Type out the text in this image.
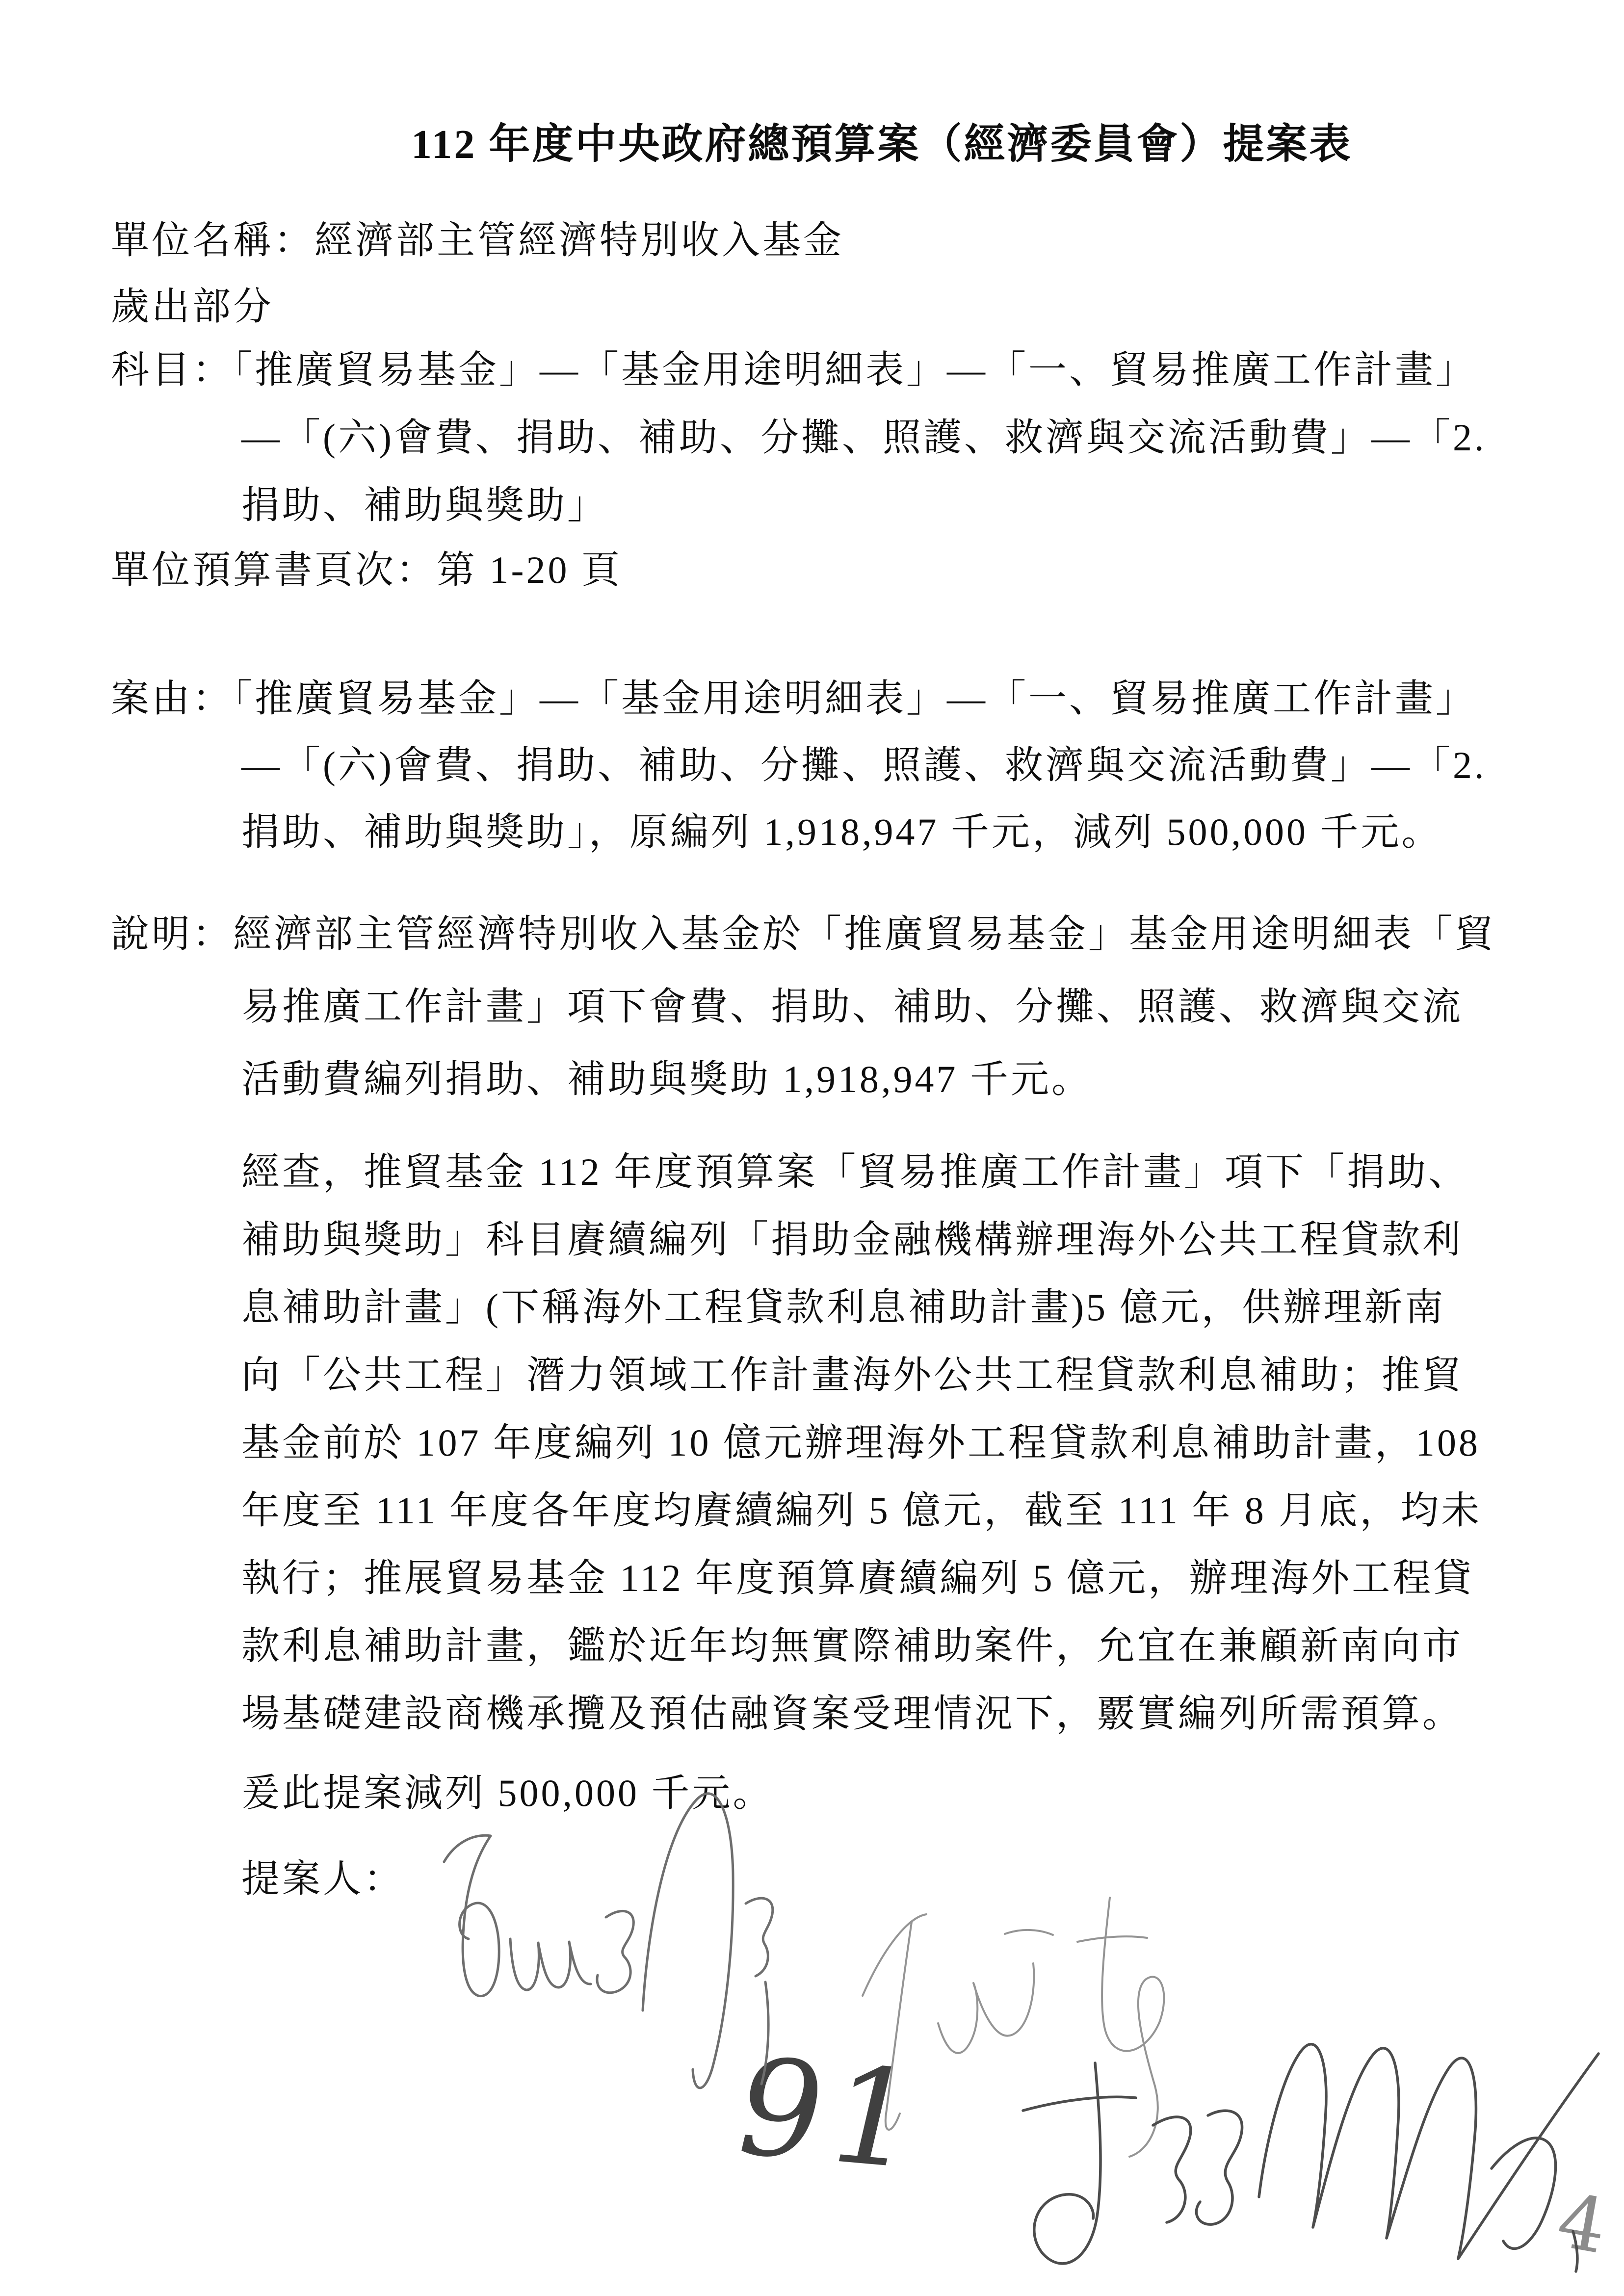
112 年度中央政府總預算案（經濟委員會）提案表
單位名稱：經濟部主管經濟特別收入基金
歲出部分
科目：「推廣貿易基金」—「基金用途明細表」—「一、貿易推廣工作計畫」
—「(六)會費、捐助、補助、分攤、照護、救濟與交流活動費」—「2.
捐助、補助與獎助」
單位預算書頁次：第 1-20 頁
案由：「推廣貿易基金」—「基金用途明細表」—「一、貿易推廣工作計畫」
—「(六)會費、捐助、補助、分攤、照護、救濟與交流活動費」—「2.
捐助、補助與獎助」，原編列 1,918,947 千元，減列 500,000 千元。
說明：經濟部主管經濟特別收入基金於「推廣貿易基金」基金用途明細表「貿
易推廣工作計畫」項下會費、捐助、補助、分攤、照護、救濟與交流
活動費編列捐助、補助與獎助 1,918,947 千元。
經查，推貿基金 112 年度預算案「貿易推廣工作計畫」項下「捐助、
補助與獎助」科目賡續編列「捐助金融機構辦理海外公共工程貸款利
息補助計畫」(下稱海外工程貸款利息補助計畫)5 億元，供辦理新南
向「公共工程」潛力領域工作計畫海外公共工程貸款利息補助；推貿
基金前於 107 年度編列 10 億元辦理海外工程貸款利息補助計畫，108
年度至 111 年度各年度均賡續編列 5 億元，截至 111 年 8 月底，均未
執行；推展貿易基金 112 年度預算賡續編列 5 億元，辦理海外工程貸
款利息補助計畫，鑑於近年均無實際補助案件，允宜在兼顧新南向市
場基礎建設商機承攬及預估融資案受理情況下，覈實編列所需預算。
爰此提案減列 500,000 千元。
提案人：
91
4
